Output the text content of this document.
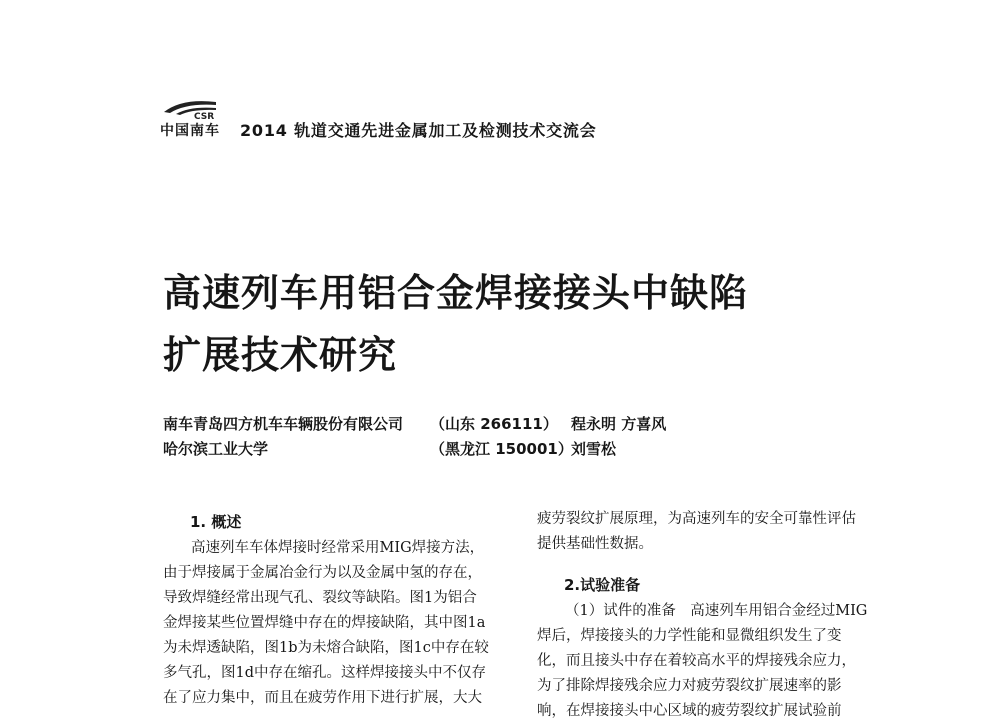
CSR
中国南车 2014 轨道交通先进金属加工及检测技术交流会
高速列车用铝合金焊接接头中缺陷
扩展技术研究
南车青岛四方机车车辆股份有限公司 （山东 266111） 程永明 方喜风
哈尔滨工业大学	（黑龙江 150001）
刘雪松
1. 概述
高速列车车体焊接时经常采用MIG焊接方法，
由于焊接属于金属冶金行为以及金属中氢的存在，
导致焊缝经常出现气孔、裂纹等缺陷。图1为铝合
金焊接某些位置焊缝中存在的焊接缺陷，其中图1a
为未焊透缺陷，图1b为未熔合缺陷，图1c中存在较
多气孔，图1d中存在缩孔。这样焊接接头中不仅存
在了应力集中，而且在疲劳作用下进行扩展，大大
疲劳裂纹扩展原理，为高速列车的安全可靠性评估
提供基础性数据。
2.试验准备
（1）试件的准备　高速列车用铝合金经过MIG
焊后，焊接接头的力学性能和显微组织发生了变
化，而且接头中存在着较高水平的焊接残余应力，
为了排除焊接残余应力对疲劳裂纹扩展速率的影
响，在焊接接头中心区域的疲劳裂纹扩展试验前
